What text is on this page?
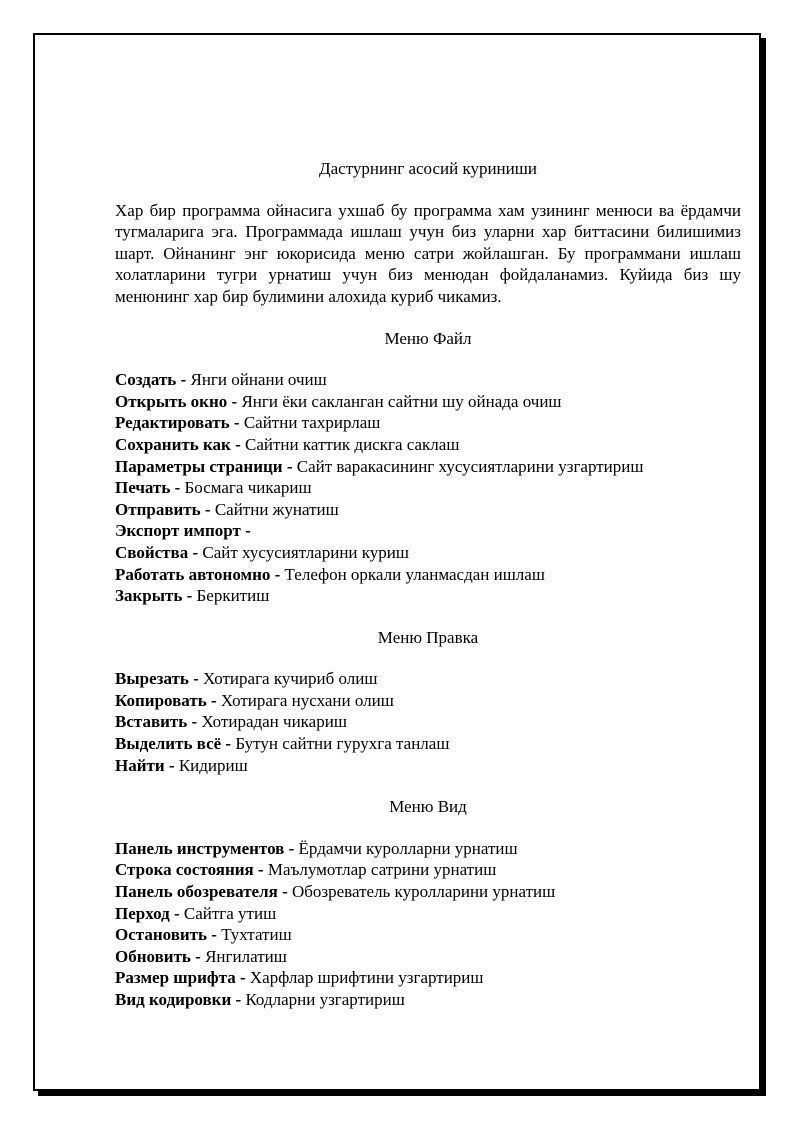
Дастурнинг асосий куриниши

Хар бир программа ойнасига ухшаб бу программа хам узининг менюси ва ёрдамчи тугмаларига эга. Программада ишлаш учун биз уларни хар биттасини билишимиз шарт. Ойнанинг энг юкорисида меню сатри жойлашган. Бу программани ишлаш холатларини тугри урнатиш учун биз менюдан фойдаланамиз. Куйида биз шу менюнинг хар бир булимини алохида куриб чикамиз.

Меню Файл

Создать - Янги ойнани очиш
Открыть окно - Янги ёки сакланган сайтни шу ойнада очиш
Редактировать - Сайтни тахрирлаш
Сохранить как - Сайтни каттик дискга саклаш
Параметры страници - Сайт варакасининг хусусиятларини узгартириш
Печать - Босмага чикариш
Отправить - Сайтни жунатиш
Экспорт импорт -
Свойства - Сайт хусусиятларини куриш
Работать автономно - Телефон оркали уланмасдан ишлаш
Закрыть - Беркитиш

Меню Правка

Вырезать - Хотирага кучириб олиш
Копировать - Хотирага нусхани олиш
Вставить - Хотирадан чикариш
Выделить всё - Бутун сайтни гурухга танлаш
Найти - Кидириш

Меню Вид

Панель инструментов - Ёрдамчи куролларни урнатиш
Строка состояния - Маълумотлар сатрини урнатиш
Панель обозревателя - Обозреватель куролларини урнатиш
Перход - Сайтга утиш
Остановить - Тухтатиш
Обновить - Янгилатиш
Размер шрифта - Харфлар шрифтини узгартириш
Вид кодировки - Кодларни узгартириш
